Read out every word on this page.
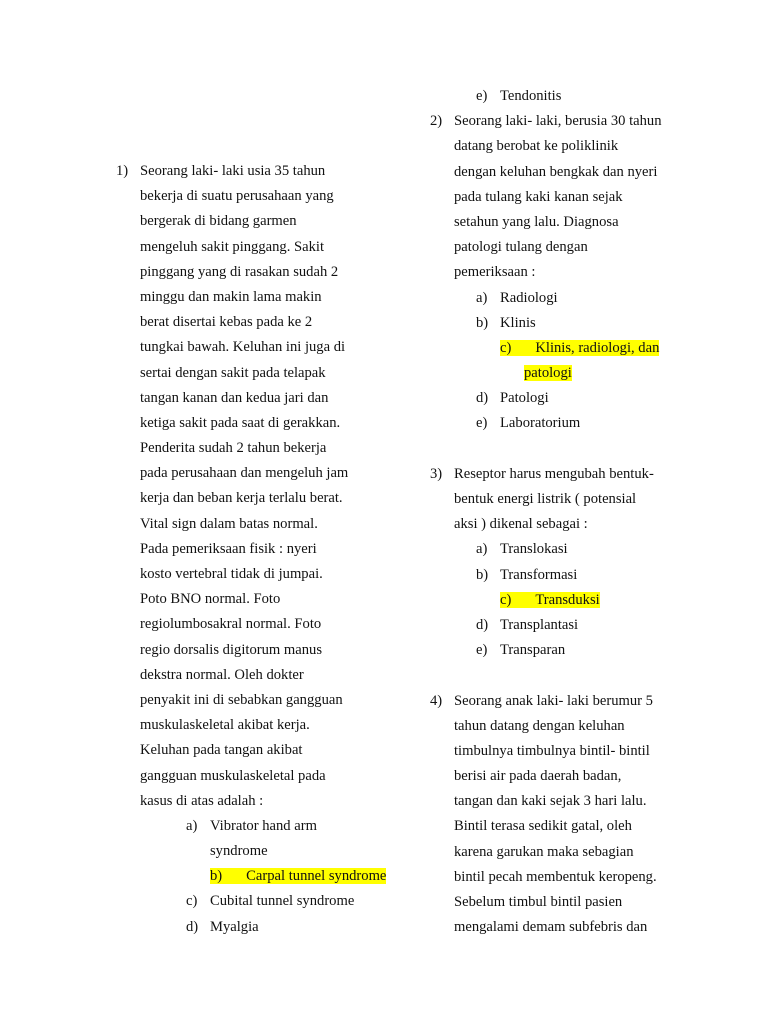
1) Seorang laki- laki usia 35 tahun
bekerja di suatu perusahaan yang
bergerak di bidang garmen
mengeluh sakit pinggang. Sakit
pinggang yang di rasakan sudah 2
minggu dan makin lama makin
berat disertai kebas pada ke 2
tungkai bawah. Keluhan ini juga di
sertai dengan sakit pada telapak
tangan kanan dan kedua jari dan
ketiga sakit pada saat di gerakkan.
Penderita sudah 2 tahun bekerja
pada perusahaan dan mengeluh jam
kerja dan beban kerja terlalu berat.
Vital sign dalam batas normal.
Pada pemeriksaan fisik : nyeri
kosto vertebral tidak di jumpai.
Poto BNO normal. Foto
regiolumbosakral normal. Foto
regio dorsalis digitorum manus
dekstra normal. Oleh dokter
penyakit ini di sebabkan gangguan
muskulaskeletal akibat kerja.
Keluhan pada tangan akibat
gangguan muskulaskeletal pada
kasus di atas adalah :
a) Vibrator hand arm
syndrome
b) Carpal tunnel syndrome
c) Cubital tunnel syndrome
d) Myalgia
e) Tendonitis
2) Seorang laki- laki, berusia 30 tahun
datang berobat ke poliklinik
dengan keluhan bengkak dan nyeri
pada tulang kaki kanan sejak
setahun yang lalu. Diagnosa
patologi tulang dengan
pemeriksaan :
a) Radiologi
b) Klinis
c) Klinis, radiologi, dan
patologi
d) Patologi
e) Laboratorium
3) Reseptor harus mengubah bentuk-
bentuk energi listrik ( potensial
aksi ) dikenal sebagai :
a) Translokasi
b) Transformasi
c) Transduksi
d) Transplantasi
e) Transparan
4) Seorang anak laki- laki berumur 5
tahun datang dengan keluhan
timbulnya timbulnya bintil- bintil
berisi air pada daerah badan,
tangan dan kaki sejak 3 hari lalu.
Bintil terasa sedikit gatal, oleh
karena garukan maka sebagian
bintil pecah membentuk keropeng.
Sebelum timbul bintil pasien
mengalami demam subfebris dan
